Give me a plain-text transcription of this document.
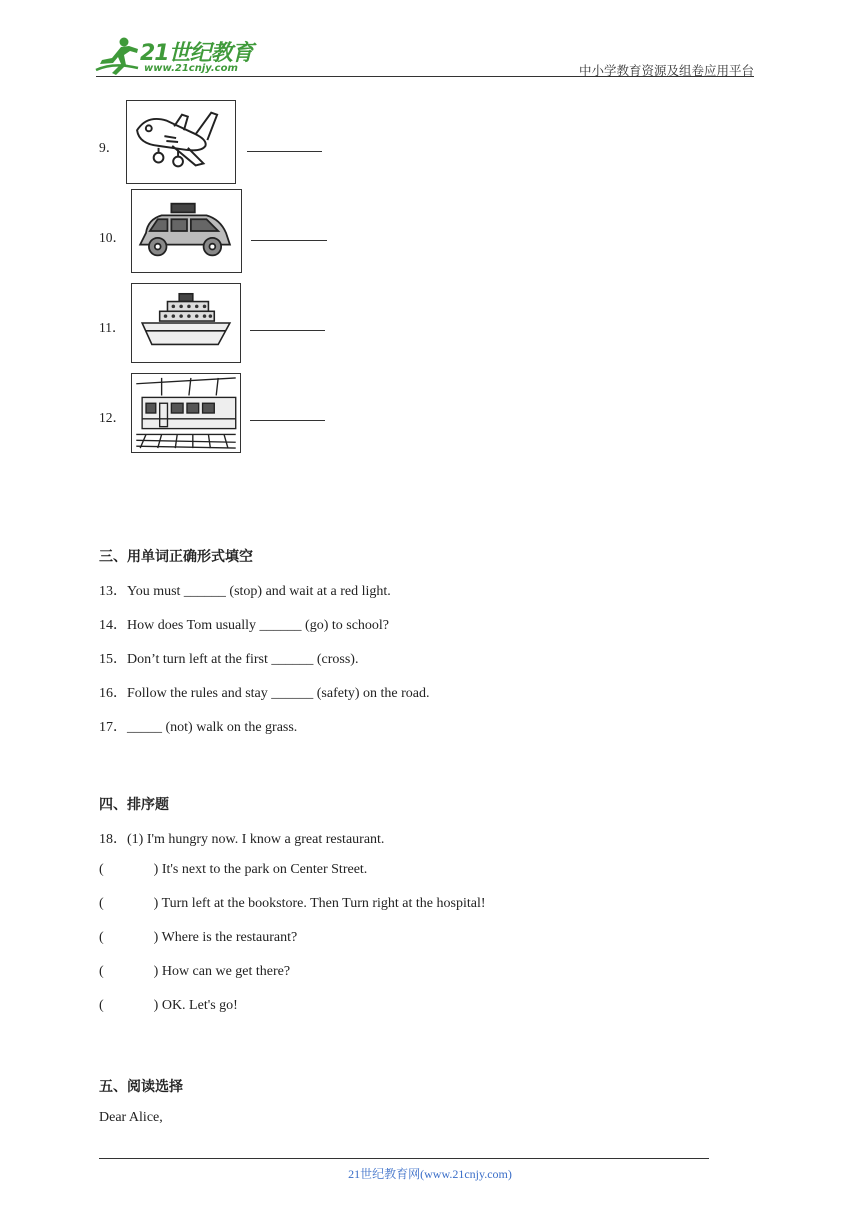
21世纪教育
www.21cnjy.com	中小学教育资源及组卷应用平台
9．
10．
11．
12．
三、用单词正确形式填空
13．You must ______ (stop) and wait at a red light.
14．How does Tom usually ______ (go) to school?
15．Don’t turn left at the first ______ (cross).
16．Follow the rules and stay ______ (safety) on the road.
17．_____ (not) walk on the grass.
四、排序题
18．(1) I'm hungry now. I know a great restaurant.
(	) It's next to the park on Center Street.
(	) Turn left at the bookstore. Then Turn right at the hospital!
(	) Where is the restaurant?
(	) How can we get there?
(	) OK. Let's go!
五、阅读选择
Dear Alice,
21世纪教育网(www.21cnjy.com)
